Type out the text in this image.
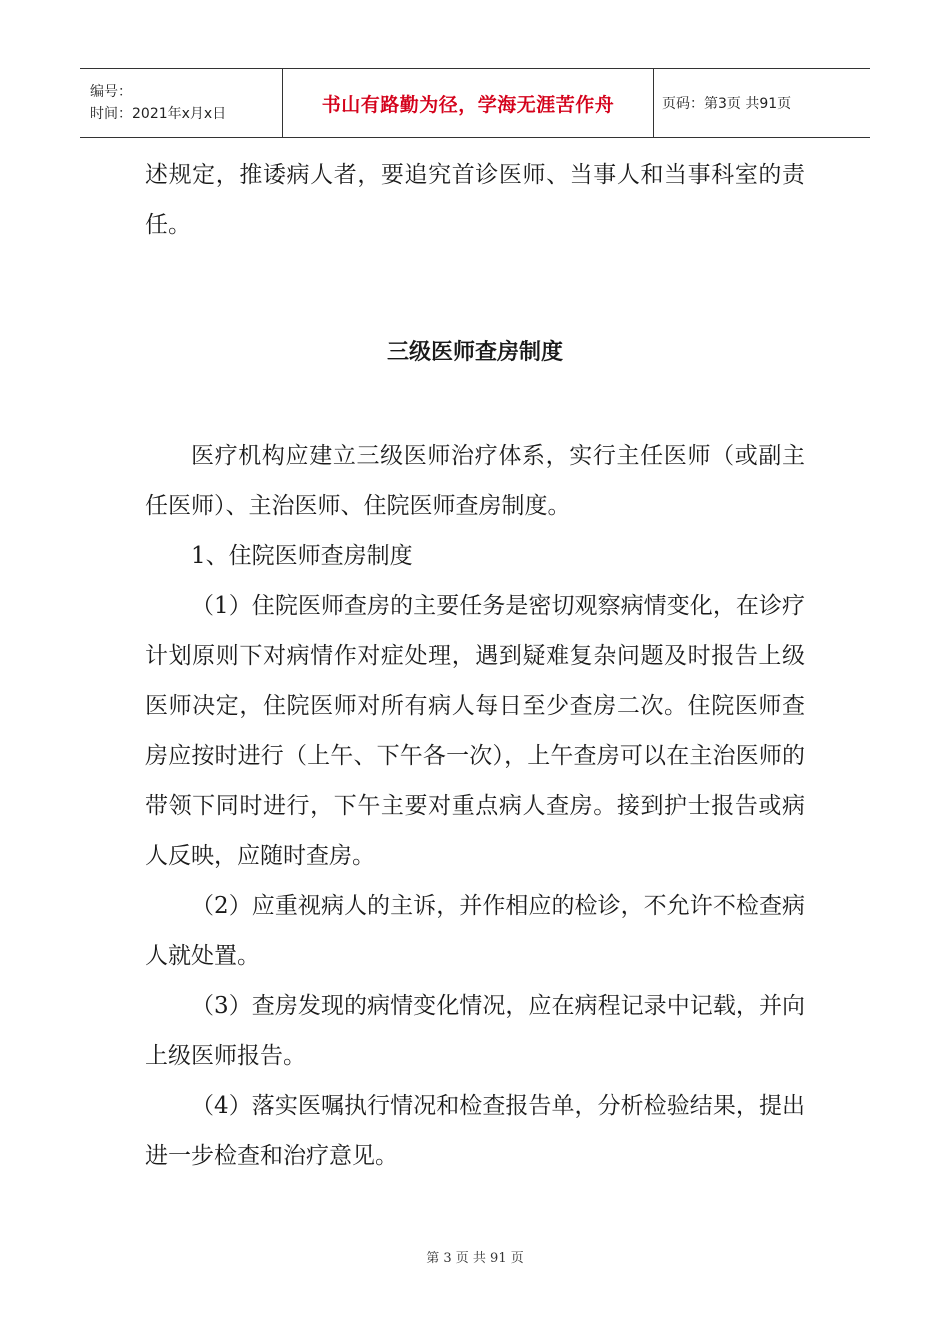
编号：
时间：2021年x月x日	书山有路勤为径，学海无涯苦作舟	页码：第3页 共91页

述规定，推诿病人者，要追究首诊医师、当事人和当事科室的责任。

三级医师查房制度

医疗机构应建立三级医师治疗体系，实行主任医师（或副主任医师）、主治医师、住院医师查房制度。

1、住院医师查房制度

（1）住院医师查房的主要任务是密切观察病情变化，在诊疗计划原则下对病情作对症处理，遇到疑难复杂问题及时报告上级医师决定，住院医师对所有病人每日至少查房二次。住院医师查房应按时进行（上午、下午各一次），上午查房可以在主治医师的带领下同时进行，下午主要对重点病人查房。接到护士报告或病人反映，应随时查房。

（2）应重视病人的主诉，并作相应的检诊，不允许不检查病人就处置。

（3）查房发现的病情变化情况，应在病程记录中记载，并向上级医师报告。

（4）落实医嘱执行情况和检查报告单，分析检验结果，提出进一步检查和治疗意见。

第 3 页 共 91 页
